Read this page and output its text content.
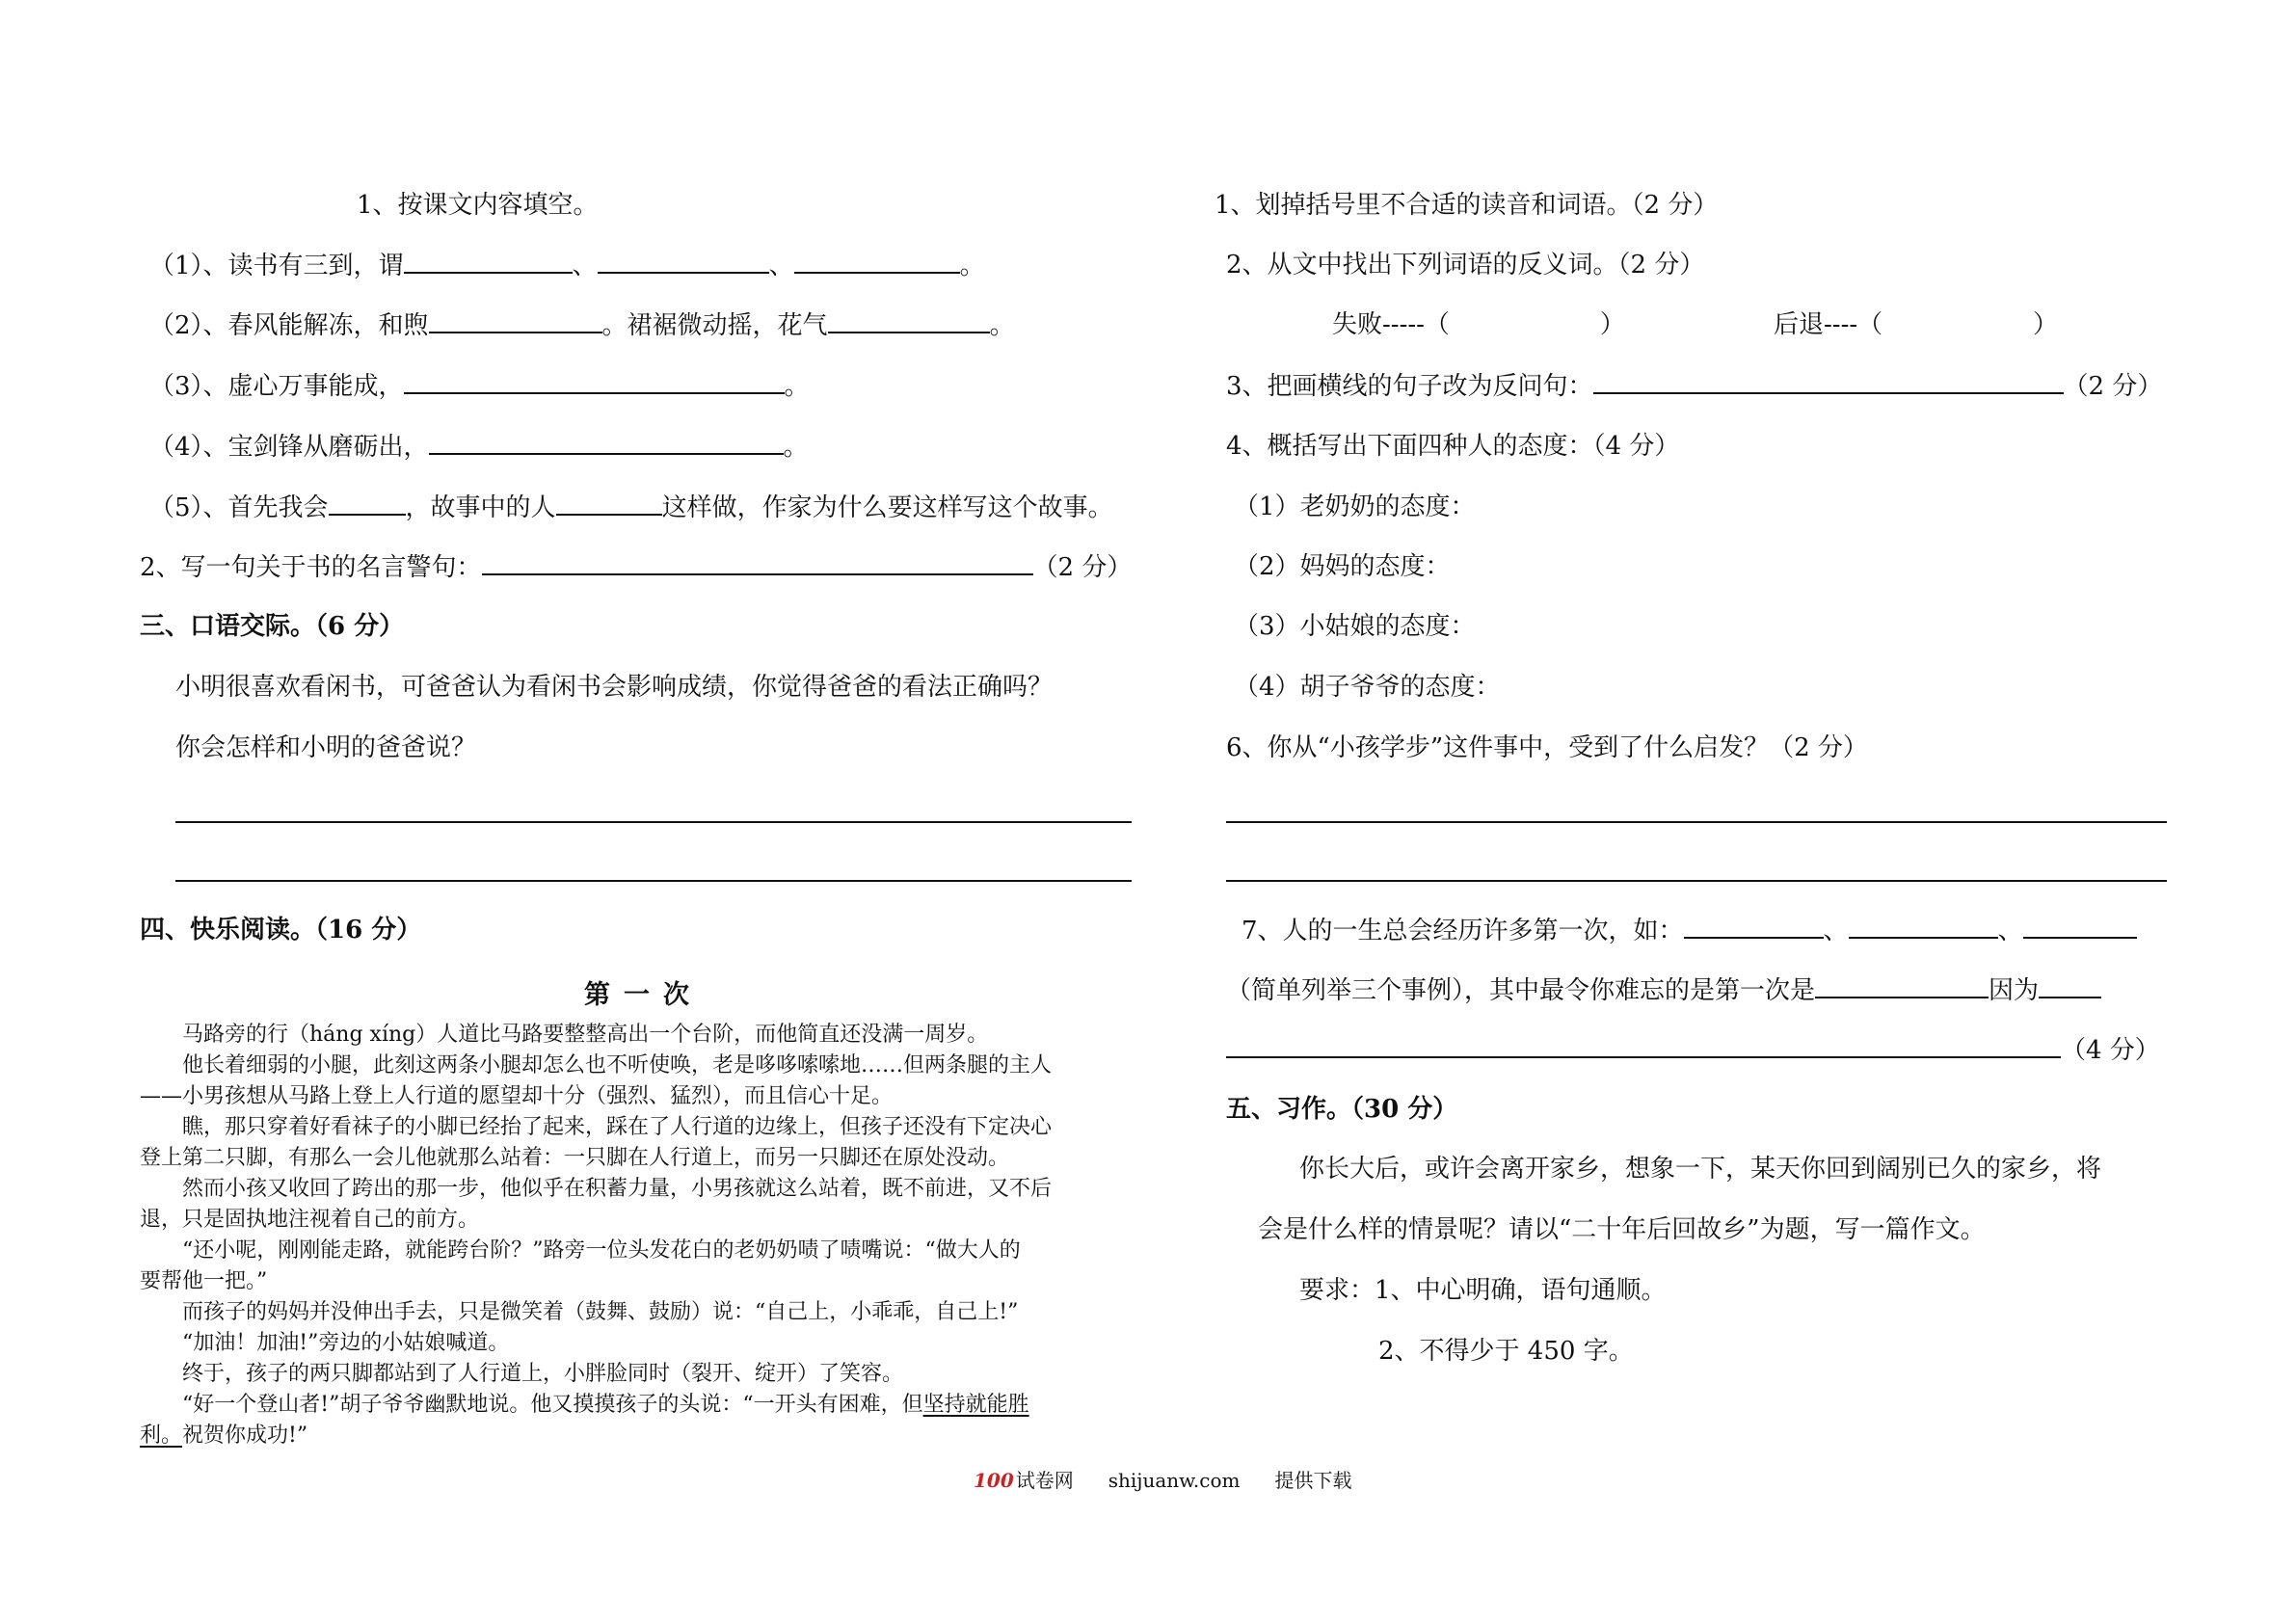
1、按课文内容填空。
（1）、读书有三到，谓	、	、	。
（2）、春风能解冻，和煦	。裙裾微动摇，花气	。
（3）、虚心万事能成，	。
（4）、宝剑锋从磨砺出，	。
（5）、首先我会	，故事中的人	这样做，作家为什么要这样写这个故事。
2、写一句关于书的名言警句：	（2 分）
三、口语交际。（6 分）
小明很喜欢看闲书，可爸爸认为看闲书会影响成绩，你觉得爸爸的看法正确吗？
你会怎样和小明的爸爸说？
四、快乐阅读。（16 分）
第一次
　　马路旁的行（háng xíng）人道比马路要整整高出一个台阶，而他简直还没满一周岁。
　　他长着细弱的小腿，此刻这两条小腿却怎么也不听使唤，老是哆哆嗦嗦地……但两条腿的主人
——小男孩想从马路上登上人行道的愿望却十分（强烈、猛烈），而且信心十足。
　　瞧，那只穿着好看袜子的小脚已经抬了起来，踩在了人行道的边缘上，但孩子还没有下定决心
登上第二只脚，有那么一会儿他就那么站着：一只脚在人行道上，而另一只脚还在原处没动。
　　然而小孩又收回了跨出的那一步，他似乎在积蓄力量，小男孩就这么站着，既不前进，又不后
退，只是固执地注视着自己的前方。
　　“还小呢，刚刚能走路，就能跨台阶？”路旁一位头发花白的老奶奶啧了啧嘴说：“做大人的
要帮他一把。”
　　而孩子的妈妈并没伸出手去，只是微笑着（鼓舞、鼓励）说：“自己上，小乖乖，自己上!”
　　“加油！加油!”旁边的小姑娘喊道。
　　终于，孩子的两只脚都站到了人行道上，小胖脸同时（裂开、绽开）了笑容。
　　“好一个登山者!”胡子爷爷幽默地说。他又摸摸孩子的头说：“一开头有困难，但坚持就能胜
利。祝贺你成功!”
1、划掉括号里不合适的读音和词语。（2 分）
2、从文中找出下列词语的反义词。（2 分）
失败-----（　　　　　　）	后退----（　　　　　　）
3、把画横线的句子改为反问句：	（2 分）
4、概括写出下面四种人的态度：（4 分）
（1）老奶奶的态度：
（2）妈妈的态度：
（3）小姑娘的态度：
（4）胡子爷爷的态度：
6、你从“小孩学步”这件事中，受到了什么启发？（2 分）
7、人的一生总会经历许多第一次，如：	、	、
（简单列举三个事例），其中最令你难忘的是第一次是	因为
（4 分）
五、习作。（30 分）
你长大后，或许会离开家乡，想象一下，某天你回到阔别已久的家乡，将
会是什么样的情景呢？请以“二十年后回故乡”为题，写一篇作文。
要求：1、中心明确，语句通顺。
2、不得少于 450 字。
100 试卷网 shijuanw.com 提供下载
